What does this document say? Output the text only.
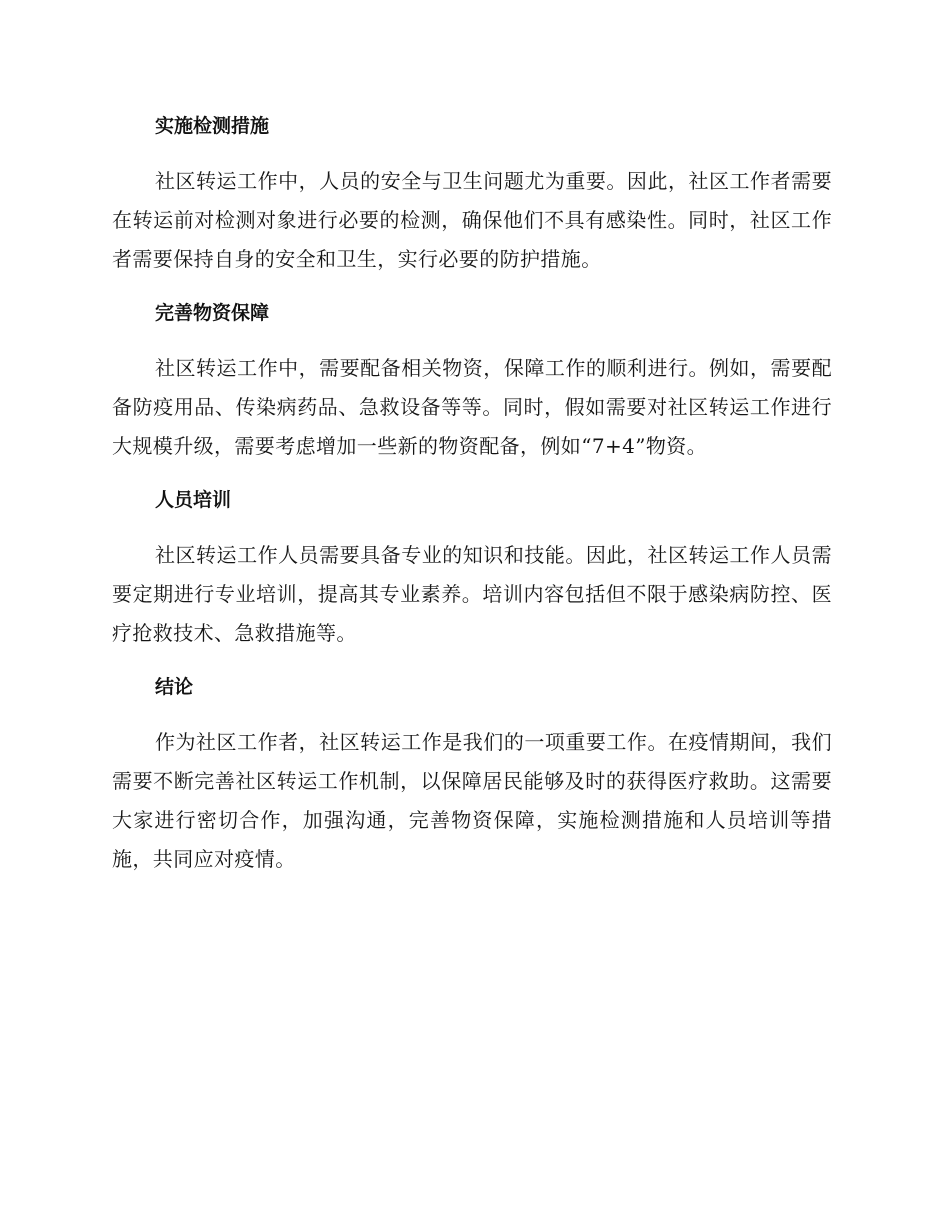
实施检测措施

社区转运工作中，人员的安全与卫生问题尤为重要。因此，社区工作者需要在转运前对检测对象进行必要的检测，确保他们不具有感染性。同时，社区工作者需要保持自身的安全和卫生，实行必要的防护措施。

完善物资保障

社区转运工作中，需要配备相关物资，保障工作的顺利进行。例如，需要配备防疫用品、传染病药品、急救设备等等。同时，假如需要对社区转运工作进行大规模升级，需要考虑增加一些新的物资配备，例如“7+4”物资。

人员培训

社区转运工作人员需要具备专业的知识和技能。因此，社区转运工作人员需要定期进行专业培训，提高其专业素养。培训内容包括但不限于感染病防控、医疗抢救技术、急救措施等。

结论

作为社区工作者，社区转运工作是我们的一项重要工作。在疫情期间，我们需要不断完善社区转运工作机制，以保障居民能够及时的获得医疗救助。这需要大家进行密切合作，加强沟通，完善物资保障，实施检测措施和人员培训等措施，共同应对疫情。
